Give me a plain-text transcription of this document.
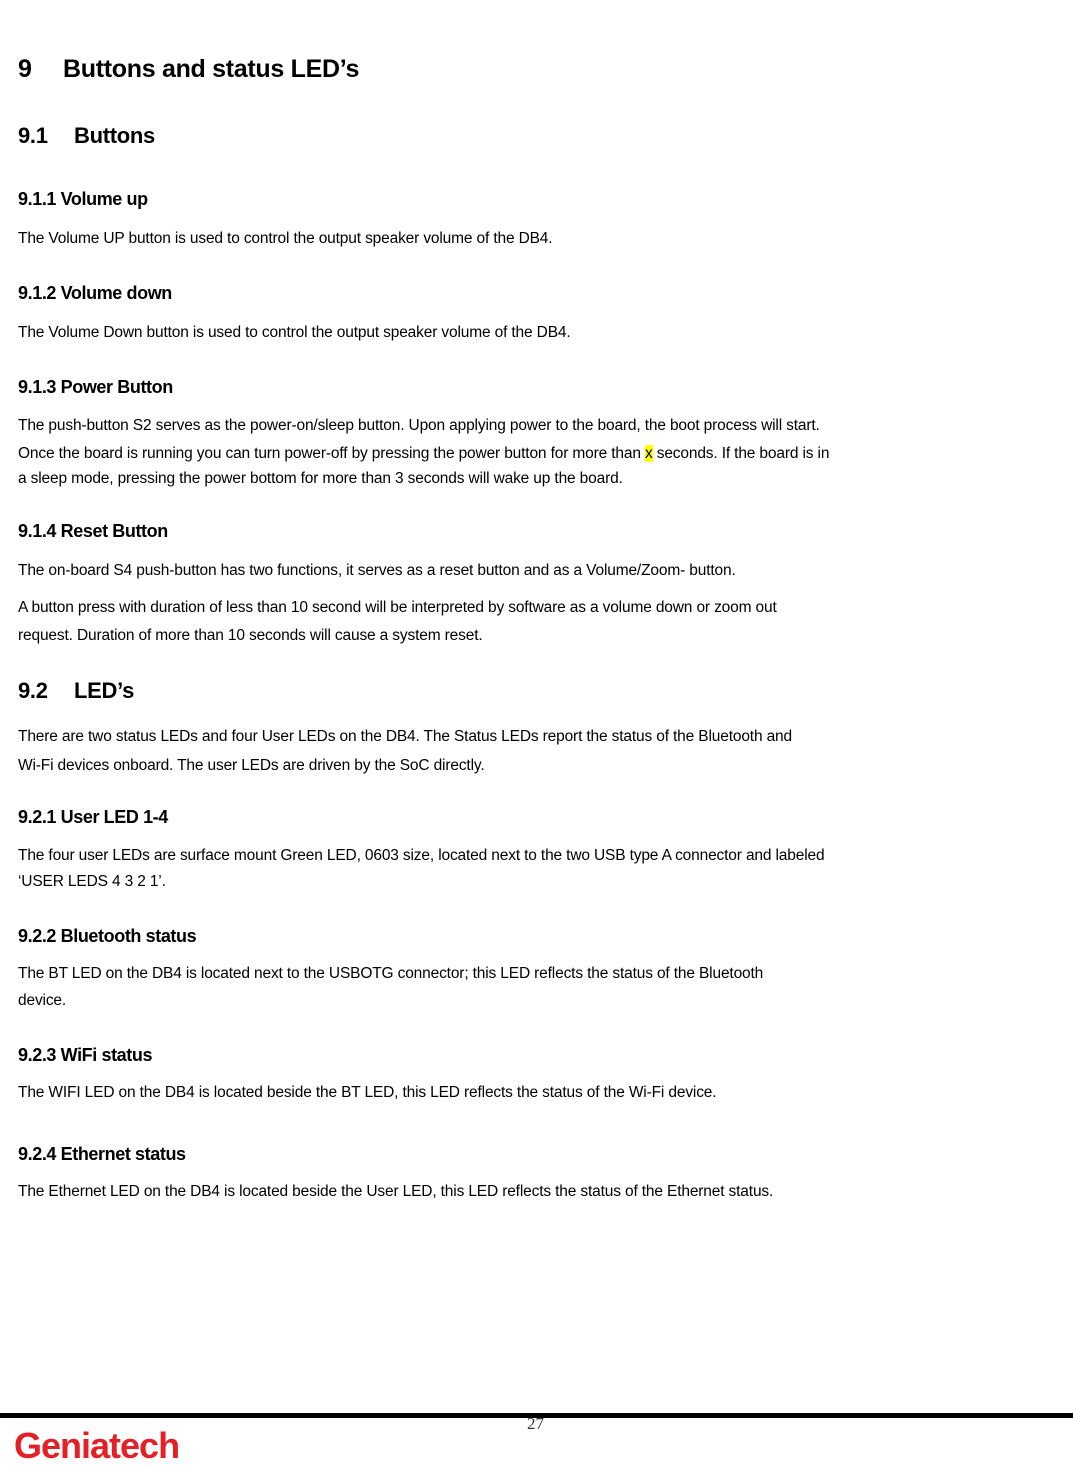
9 Buttons and status LED’s
9.1 Buttons
9.1.1 Volume up
The Volume UP button is used to control the output speaker volume of the DB4.
9.1.2 Volume down
The Volume Down button is used to control the output speaker volume of the DB4.
9.1.3 Power Button
The push-button S2 serves as the power-on/sleep button. Upon applying power to the board, the boot process will start.
Once the board is running you can turn power-off by pressing the power button for more than x seconds. If the board is in
a sleep mode, pressing the power bottom for more than 3 seconds will wake up the board.
9.1.4 Reset Button
The on-board S4 push-button has two functions, it serves as a reset button and as a Volume/Zoom- button.
A button press with duration of less than 10 second will be interpreted by software as a volume down or zoom out
request. Duration of more than 10 seconds will cause a system reset.
9.2 LED’s
There are two status LEDs and four User LEDs on the DB4. The Status LEDs report the status of the Bluetooth and
Wi-Fi devices onboard. The user LEDs are driven by the SoC directly.
9.2.1 User LED 1-4
The four user LEDs are surface mount Green LED, 0603 size, located next to the two USB type A connector and labeled
‘USER LEDS 4 3 2 1’.
9.2.2 Bluetooth status
The BT LED on the DB4 is located next to the USBOTG connector; this LED reflects the status of the Bluetooth
device.
9.2.3 WiFi status
The WIFI LED on the DB4 is located beside the BT LED, this LED reflects the status of the Wi-Fi device.
9.2.4 Ethernet status
The Ethernet LED on the DB4 is located beside the User LED, this LED reflects the status of the Ethernet status.
27
Geniatech
